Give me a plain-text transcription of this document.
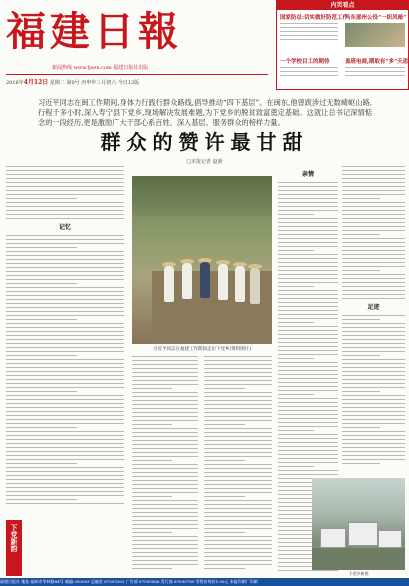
福建日報
新闻热线 www.fjsen.com 福建日报社出版
2016年4月12日 星期二 第0号 丙申年三月初六 今日12版
内页看点
国家防总:切实做好防范工作
马东部州公役“一织风暗”
一个学校目工的期待	盖班电商,期取有“多”天思
习近平同志在闽工作期间,身体力行践行群众路线,倡导推动“四下基层”。在闽东,他曾跋涉过无数崎岖山路,行程千多小时,深入寿宁县下党乡,现场解决发展难题,为下党乡的脱贫致富奠定基础。这就让总书记深情惦念的一段经历,更是激励广大干部心系百姓、深入基层、服务群众的榜样力量。
群众的赞许最甘甜
□本报记者 赵新
记忆
亲情
足迹
习近平同志在福建工作期间走访下党乡(资料图片)
下党乡新貌
下党新韵
福建日报社 地址:福州市华林路84号 邮编:350003 总编室 87095302 广告部 87095566 发行部 87095789 零售价每份1.00元 本报印刷厂印刷
